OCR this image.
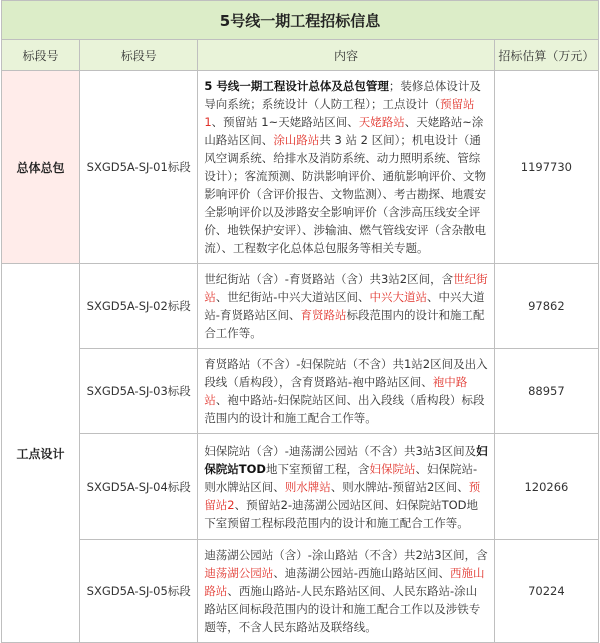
5号线一期工程招标信息			
标段号	标段号	内容	招标估算（万元）
总体总包	SXGD5A-SJ-01标段	5 号线一期工程设计总体及总包管理；装修总体设计及导向系统；系统设计（人防工程）；工点设计（预留站 1、预留站 1~天姥路站区间、天姥路站、天姥路站~涂山路站区间、涂山路站共 3 站 2 区间）；机电设计（通风空调系统、给排水及消防系统、动力照明系统、管综设计）；客流预测、防洪影响评价、通航影响评价、文物影响评价（含评价报告、文物监测）、考古勘探、地震安全影响评价以及涉路安全影响评价（含涉高压线安全评价、地铁保护安评）、涉输油、燃气管线安评（含杂散电流）、工程数字化总体总包服务等相关专题。	1197730
工点设计	SXGD5A-SJ-02标段	世纪街站（含）-育贤路站（含）共3站2区间，含世纪街站、世纪街站-中兴大道站区间、中兴大道站、中兴大道站-育贤路站区间、育贤路站标段范围内的设计和施工配合工作等。	97862
	SXGD5A-SJ-03标段	育贤路站（不含）-妇保院站（不含）共1站2区间及出入段线（盾构段），含育贤路站-袍中路站区间、袍中路站、袍中路站-妇保院站区间、出入段线（盾构段）标段范围内的设计和施工配合工作等。	88957
	SXGD5A-SJ-04标段	妇保院站（含）-迪荡湖公园站（不含）共3站3区间及妇保院站TOD地下室预留工程，含妇保院站、妇保院站-则水牌站区间、则水牌站、则水牌站-预留站2区间、预留站2、预留站2-迪荡湖公园站区间、妇保院站TOD地下室预留工程标段范围内的设计和施工配合工作等。	120266
	SXGD5A-SJ-05标段	迪荡湖公园站（含）-涂山路站（不含）共2站3区间，含迪荡湖公园站、迪荡湖公园站-西施山路站区间、西施山路站、西施山路站-人民东路站区间、人民东路站-涂山路站区间标段范围内的设计和施工配合工作以及涉铁专题等，不含人民东路站及联络线。	70224
